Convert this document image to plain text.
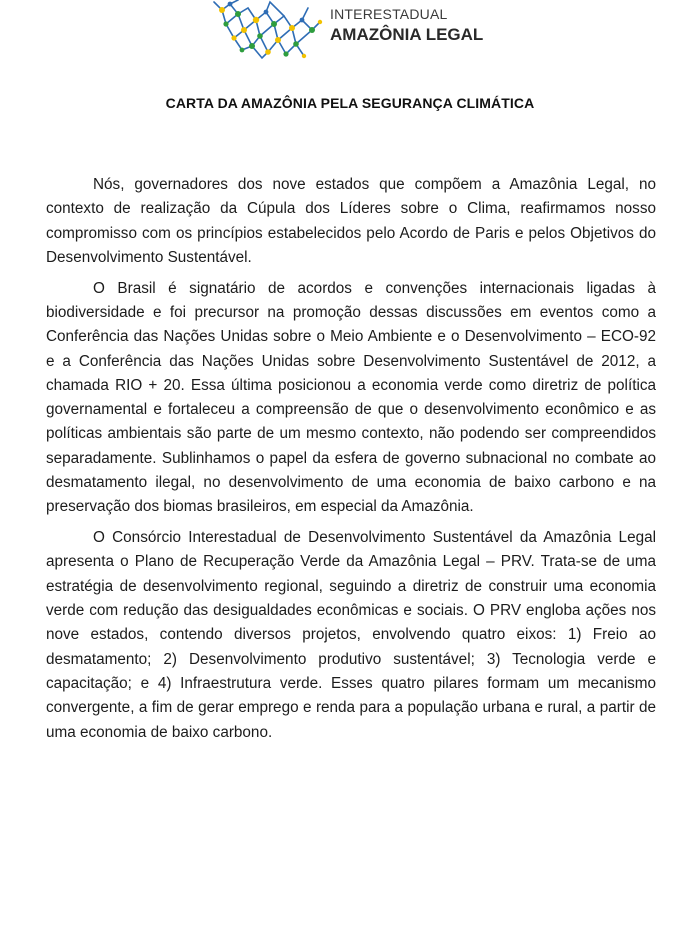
INTERESTADUAL
AMAZÔNIA LEGAL
CARTA DA AMAZÔNIA PELA SEGURANÇA CLIMÁTICA

Nós, governadores dos nove estados que compõem a Amazônia Legal, no contexto de realização da Cúpula dos Líderes sobre o Clima, reafirmamos nosso compromisso com os princípios estabelecidos pelo Acordo de Paris e pelos Objetivos do Desenvolvimento Sustentável.

O Brasil é signatário de acordos e convenções internacionais ligadas à biodiversidade e foi precursor na promoção dessas discussões em eventos como a Conferência das Nações Unidas sobre o Meio Ambiente e o Desenvolvimento – ECO-92 e a Conferência das Nações Unidas sobre Desenvolvimento Sustentável de 2012, a chamada RIO + 20. Essa última posicionou a economia verde como diretriz de política governamental e fortaleceu a compreensão de que o desenvolvimento econômico e as políticas ambientais são parte de um mesmo contexto, não podendo ser compreendidos separadamente. Sublinhamos o papel da esfera de governo subnacional no combate ao desmatamento ilegal, no desenvolvimento de uma economia de baixo carbono e na preservação dos biomas brasileiros, em especial da Amazônia.

O Consórcio Interestadual de Desenvolvimento Sustentável da Amazônia Legal apresenta o Plano de Recuperação Verde da Amazônia Legal – PRV. Trata-se de uma estratégia de desenvolvimento regional, seguindo a diretriz de construir uma economia verde com redução das desigualdades econômicas e sociais. O PRV engloba ações nos nove estados, contendo diversos projetos, envolvendo quatro eixos: 1) Freio ao desmatamento; 2) Desenvolvimento produtivo sustentável; 3) Tecnologia verde e capacitação; e 4) Infraestrutura verde. Esses quatro pilares formam um mecanismo convergente, a fim de gerar emprego e renda para a população urbana e rural, a partir de uma economia de baixo carbono.
